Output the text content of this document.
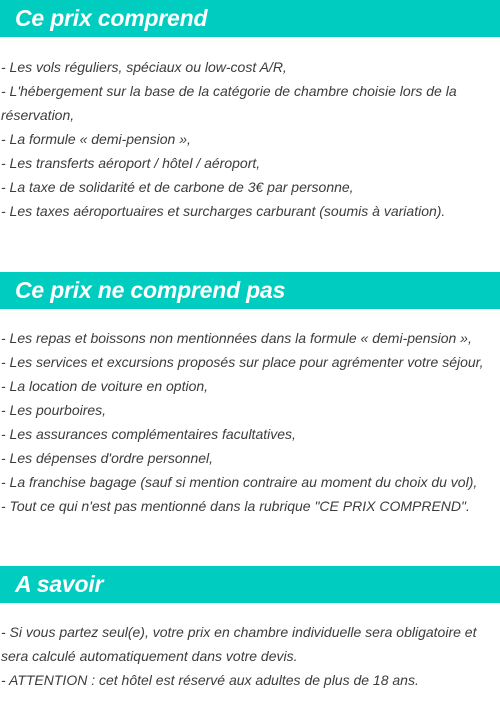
Ce prix comprend
- Les vols réguliers, spéciaux ou low-cost A/R,
- L'hébergement sur la base de la catégorie de chambre choisie lors de la réservation,
- La formule « demi-pension »,
- Les transferts aéroport / hôtel / aéroport,
- La taxe de solidarité et de carbone de 3€ par personne,
- Les taxes aéroportuaires et surcharges carburant (soumis à variation).
Ce prix ne comprend pas
- Les repas et boissons non mentionnées dans la formule « demi-pension »,
- Les services et excursions proposés sur place pour agrémenter votre séjour,
- La location de voiture en option,
- Les pourboires,
- Les assurances complémentaires facultatives,
- Les dépenses d'ordre personnel,
- La franchise bagage (sauf si mention contraire au moment du choix du vol),
- Tout ce qui n'est pas mentionné dans la rubrique "CE PRIX COMPREND".
A savoir
- Si vous partez seul(e), votre prix en chambre individuelle sera obligatoire et sera calculé automatiquement dans votre devis.
- ATTENTION : cet hôtel est réservé aux adultes de plus de 18 ans.
